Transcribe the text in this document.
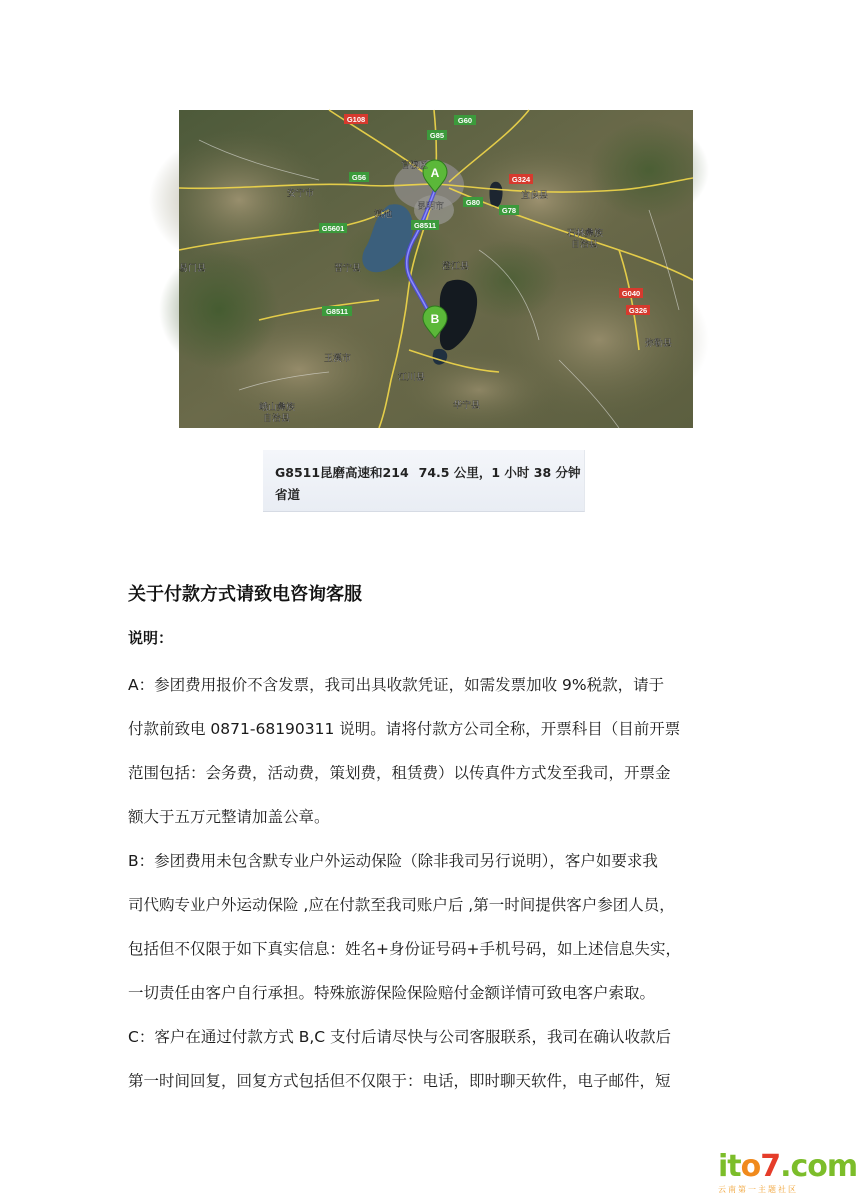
A
B
G108
G85
G60
G56	G324
G80
G78
G5601	G8511
G8511
G040
G326
官渡区
昆明市
滇池
安宁市	宜良县
石林彝族
自治县
弥勒县
澄江县
晋宁县
易门县
玉溪市
江川县
华宁县
峨山彝族
自治县
G8511昆磨高速和214 74.5 公里，1 小时 38 分钟
省道
关于付款方式请致电咨询客服
说明：
A：参团费用报价不含发票，我司出具收款凭证，如需发票加收 9%税款，请于
付款前致电 0871-68190311 说明。请将付款方公司全称，开票科目（目前开票
范围包括：会务费，活动费，策划费，租赁费）以传真件方式发至我司，开票金
额大于五万元整请加盖公章。
B：参团费用未包含默专业户外运动保险（除非我司另行说明），客户如要求我
司代购专业户外运动保险 ,应在付款至我司账户后 ,第一时间提供客户参团人员，
包括但不仅限于如下真实信息：姓名+身份证号码+手机号码，如上述信息失实，
一切责任由客户自行承担。特殊旅游保险保险赔付金额详情可致电客户索取。
C：客户在通过付款方式 B,C 支付后请尽快与公司客服联系，我司在确认收款后
第一时间回复，回复方式包括但不仅限于：电话，即时聊天软件，电子邮件，短
ito7.com
云南第一主题社区
